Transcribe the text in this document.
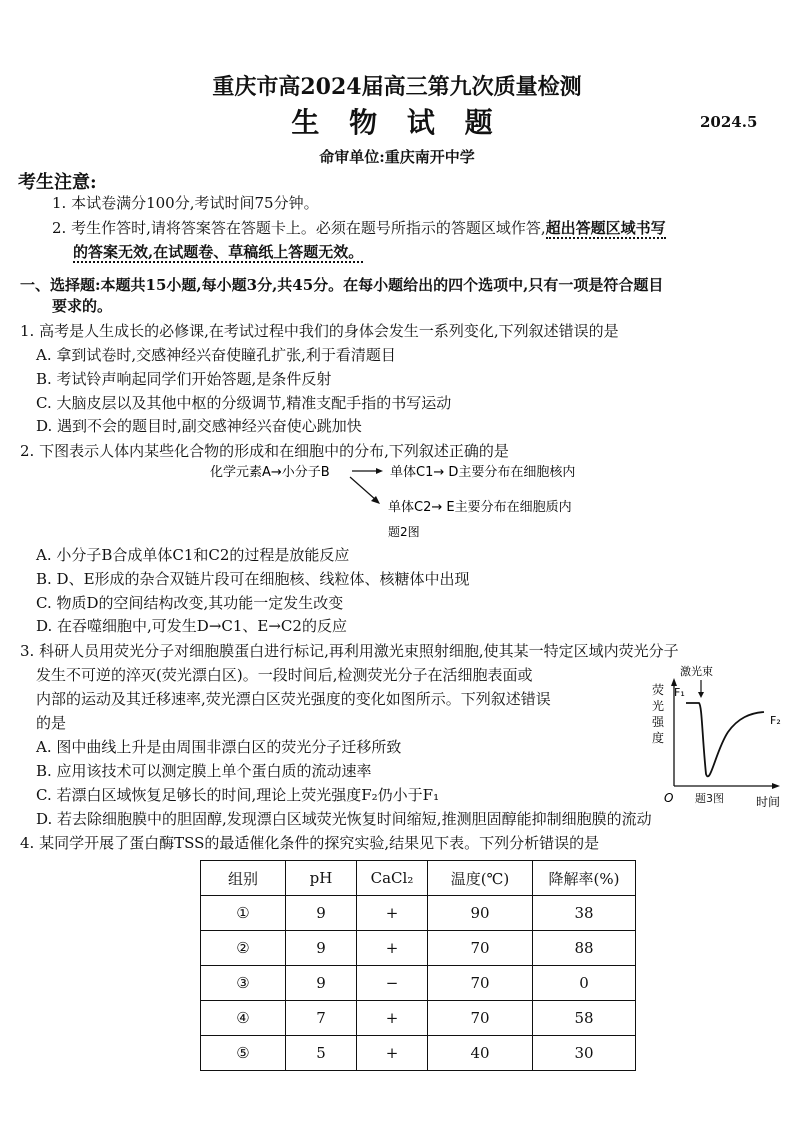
重庆市高2024届高三第九次质量检测
生 物 试 题	2024.5
命审单位:重庆南开中学
考生注意:
1. 本试卷满分100分,考试时间75分钟。
2. 考生作答时,请将答案答在答题卡上。必须在题号所指示的答题区域作答,超出答题区域书写
的答案无效,在试题卷、草稿纸上答题无效。
一、选择题:本题共15小题,每小题3分,共45分。在每小题给出的四个选项中,只有一项是符合题目
要求的。
1. 高考是人生成长的必修课,在考试过程中我们的身体会发生一系列变化,下列叙述错误的是
A. 拿到试卷时,交感神经兴奋使瞳孔扩张,利于看清题目
B. 考试铃声响起同学们开始答题,是条件反射
C. 大脑皮层以及其他中枢的分级调节,精准支配手指的书写运动
D. 遇到不会的题目时,副交感神经兴奋使心跳加快
2. 下图表示人体内某些化合物的形成和在细胞中的分布,下列叙述正确的是
化学元素A→小分子B	单体C1→ D主要分布在细胞核内
单体C2→ E主要分布在细胞质内
题2图
A. 小分子B合成单体C1和C2的过程是放能反应
B. D、E形成的杂合双链片段可在细胞核、线粒体、核糖体中出现
C. 物质D的空间结构改变,其功能一定发生改变
D. 在吞噬细胞中,可发生D→C1、E→C2的反应
3. 科研人员用荧光分子对细胞膜蛋白进行标记,再利用激光束照射细胞,使其某一特定区域内荧光分子
发生不可逆的淬灭(荧光漂白区)。一段时间后,检测荧光分子在活细胞表面或
内部的运动及其迁移速率,荧光漂白区荧光强度的变化如图所示。下列叙述错误
的是
A. 图中曲线上升是由周围非漂白区的荧光分子迁移所致
B. 应用该技术可以测定膜上单个蛋白质的流动速率
C. 若漂白区域恢复足够长的时间,理论上荧光强度F₂仍小于F₁
D. 若去除细胞膜中的胆固醇,发现漂白区域荧光恢复时间缩短,推测胆固醇能抑制细胞膜的流动
激光束
荧
光
强
度
F₁
F₂
O	时间
题3图
4. 某同学开展了蛋白酶TSS的最适催化条件的探究实验,结果见下表。下列分析错误的是
组别	pH	CaCl₂	温度(℃)	降解率(%)
①	9	+	90	38
②	9	+	70	88
③	9	−	70	0
④	7	+	70	58
⑤	5	+	40	30
